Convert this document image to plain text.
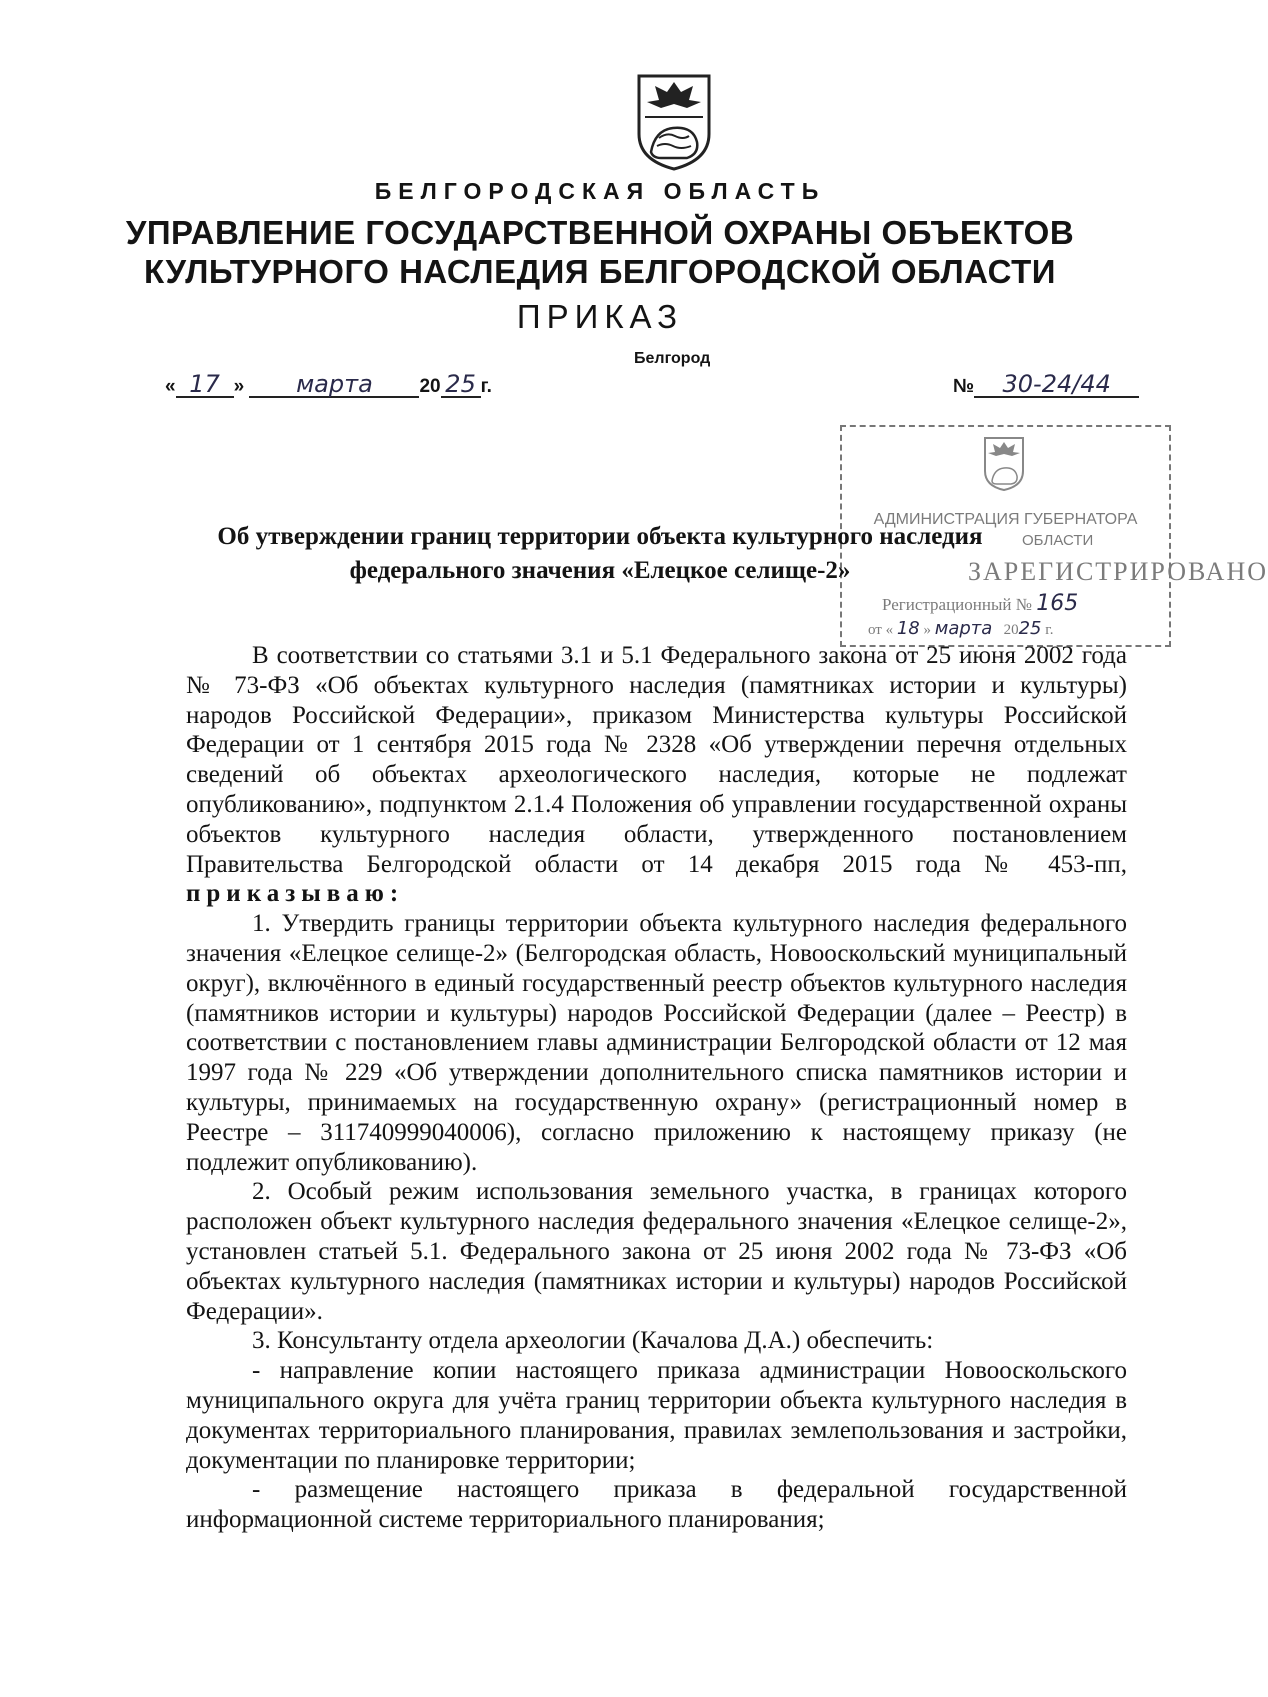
БЕЛГОРОДСКАЯ ОБЛАСТЬ
УПРАВЛЕНИЕ ГОСУДАРСТВЕННОЙ ОХРАНЫ ОБЪЕКТОВ
КУЛЬТУРНОГО НАСЛЕДИЯ БЕЛГОРОДСКОЙ ОБЛАСТИ
ПРИКАЗ
Белгород
« 17 » марта 20 25 г.	№ 30-24/44
АДМИНИСТРАЦИЯ ГУБЕРНАТОРА
ОБЛАСТИ
ЗАРЕГИСТРИРОВАНО
Регистрационный № 165
от « 18 » марта 2025 г.
Об утверждении границ территории объекта культурного наследия
федерального значения «Елецкое селище-2»

В соответствии со статьями 3.1 и 5.1 Федерального закона от 25 июня 2002 года № 73-ФЗ «Об объектах культурного наследия (памятниках истории и культуры) народов Российской Федерации», приказом Министерства культуры Российской Федерации от 1 сентября 2015 года № 2328 «Об утверждении перечня отдельных сведений об объектах археологического наследия, которые не подлежат опубликованию», подпунктом 2.1.4 Положения об управлении государственной охраны объектов культурного наследия области, утвержденного постановлением Правительства Белгородской области от 14 декабря 2015 года № 453-пп, приказываю:

1. Утвердить границы территории объекта культурного наследия федерального значения «Елецкое селище-2» (Белгородская область, Новооскольский муниципальный округ), включённого в единый государственный реестр объектов культурного наследия (памятников истории и культуры) народов Российской Федерации (далее – Реестр) в соответствии с постановлением главы администрации Белгородской области от 12 мая 1997 года № 229 «Об утверждении дополнительного списка памятников истории и культуры, принимаемых на государственную охрану» (регистрационный номер в Реестре – 311740999040006), согласно приложению к настоящему приказу (не подлежит опубликованию).

2. Особый режим использования земельного участка, в границах которого расположен объект культурного наследия федерального значения «Елецкое селище-2», установлен статьей 5.1. Федерального закона от 25 июня 2002 года № 73-ФЗ «Об объектах культурного наследия (памятниках истории и культуры) народов Российской Федерации».

3. Консультанту отдела археологии (Качалова Д.А.) обеспечить:

- направление копии настоящего приказа администрации Новооскольского муниципального округа для учёта границ территории объекта культурного наследия в документах территориального планирования, правилах землепользования и застройки, документации по планировке территории;

- размещение настоящего приказа в федеральной государственной информационной системе территориального планирования;
